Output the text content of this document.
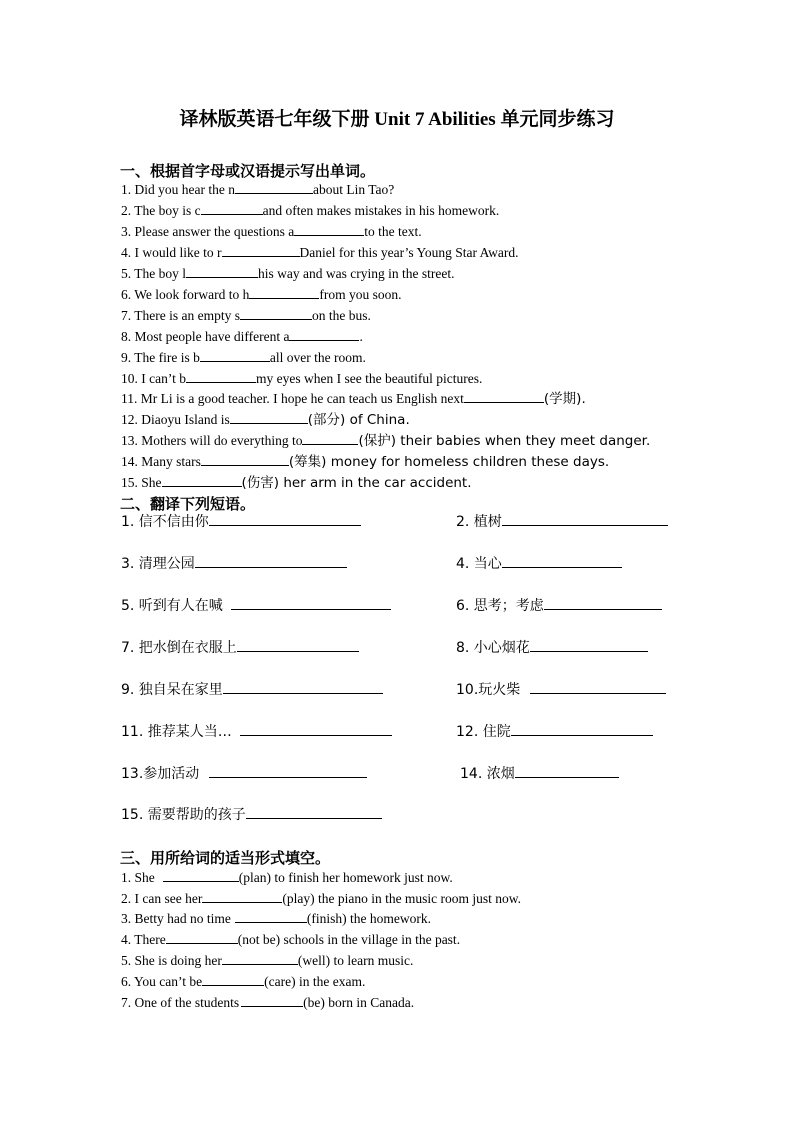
译林版英语七年级下册 Unit 7 Abilities 单元同步练习
一、根据首字母或汉语提示写出单词。
1. Did you hear the n	about Lin Tao?
2. The boy is c	and often makes mistakes in his homework.
3. Please answer the questions a	to the text.
4. I would like to r	Daniel for this year’s Young Star Award.
5. The boy l	his way and was crying in the street.
6. We look forward to h	from you soon.
7. There is an empty s	on the bus.
8. Most people have different a	.
9. The fire is b	all over the room.
10. I can’t b	my eyes when I see the beautiful pictures.
11. Mr Li is a good teacher. I hope he can teach us English next	(学期).
12. Diaoyu Island is	(部分) of China.
13. Mothers will do everything to	(保护) their babies when they meet danger.
14. Many stars	(筹集) money for homeless children these days.
15. She	(伤害) her arm in the car accident.
二、翻译下列短语。
1. 信不信由你	2. 植树
3. 清理公园	4. 当心
5. 听到有人在喊	6. 思考；考虑
7. 把水倒在衣服上	8. 小心烟花
9. 独自呆在家里	10.玩火柴
11. 推荐某人当…	12. 住院
13.参加活动	14. 浓烟
15. 需要帮助的孩子
三、用所给词的适当形式填空。
1. She	(plan) to finish her homework just now.
2. I can see her	(play) the piano in the music room just now.
3. Betty had no time	(finish) the homework.
4. There	(not be) schools in the village in the past.
5. She is doing her	(well) to learn music.
6. You can’t be	(care) in the exam.
7. One of the students	(be) born in Canada.
